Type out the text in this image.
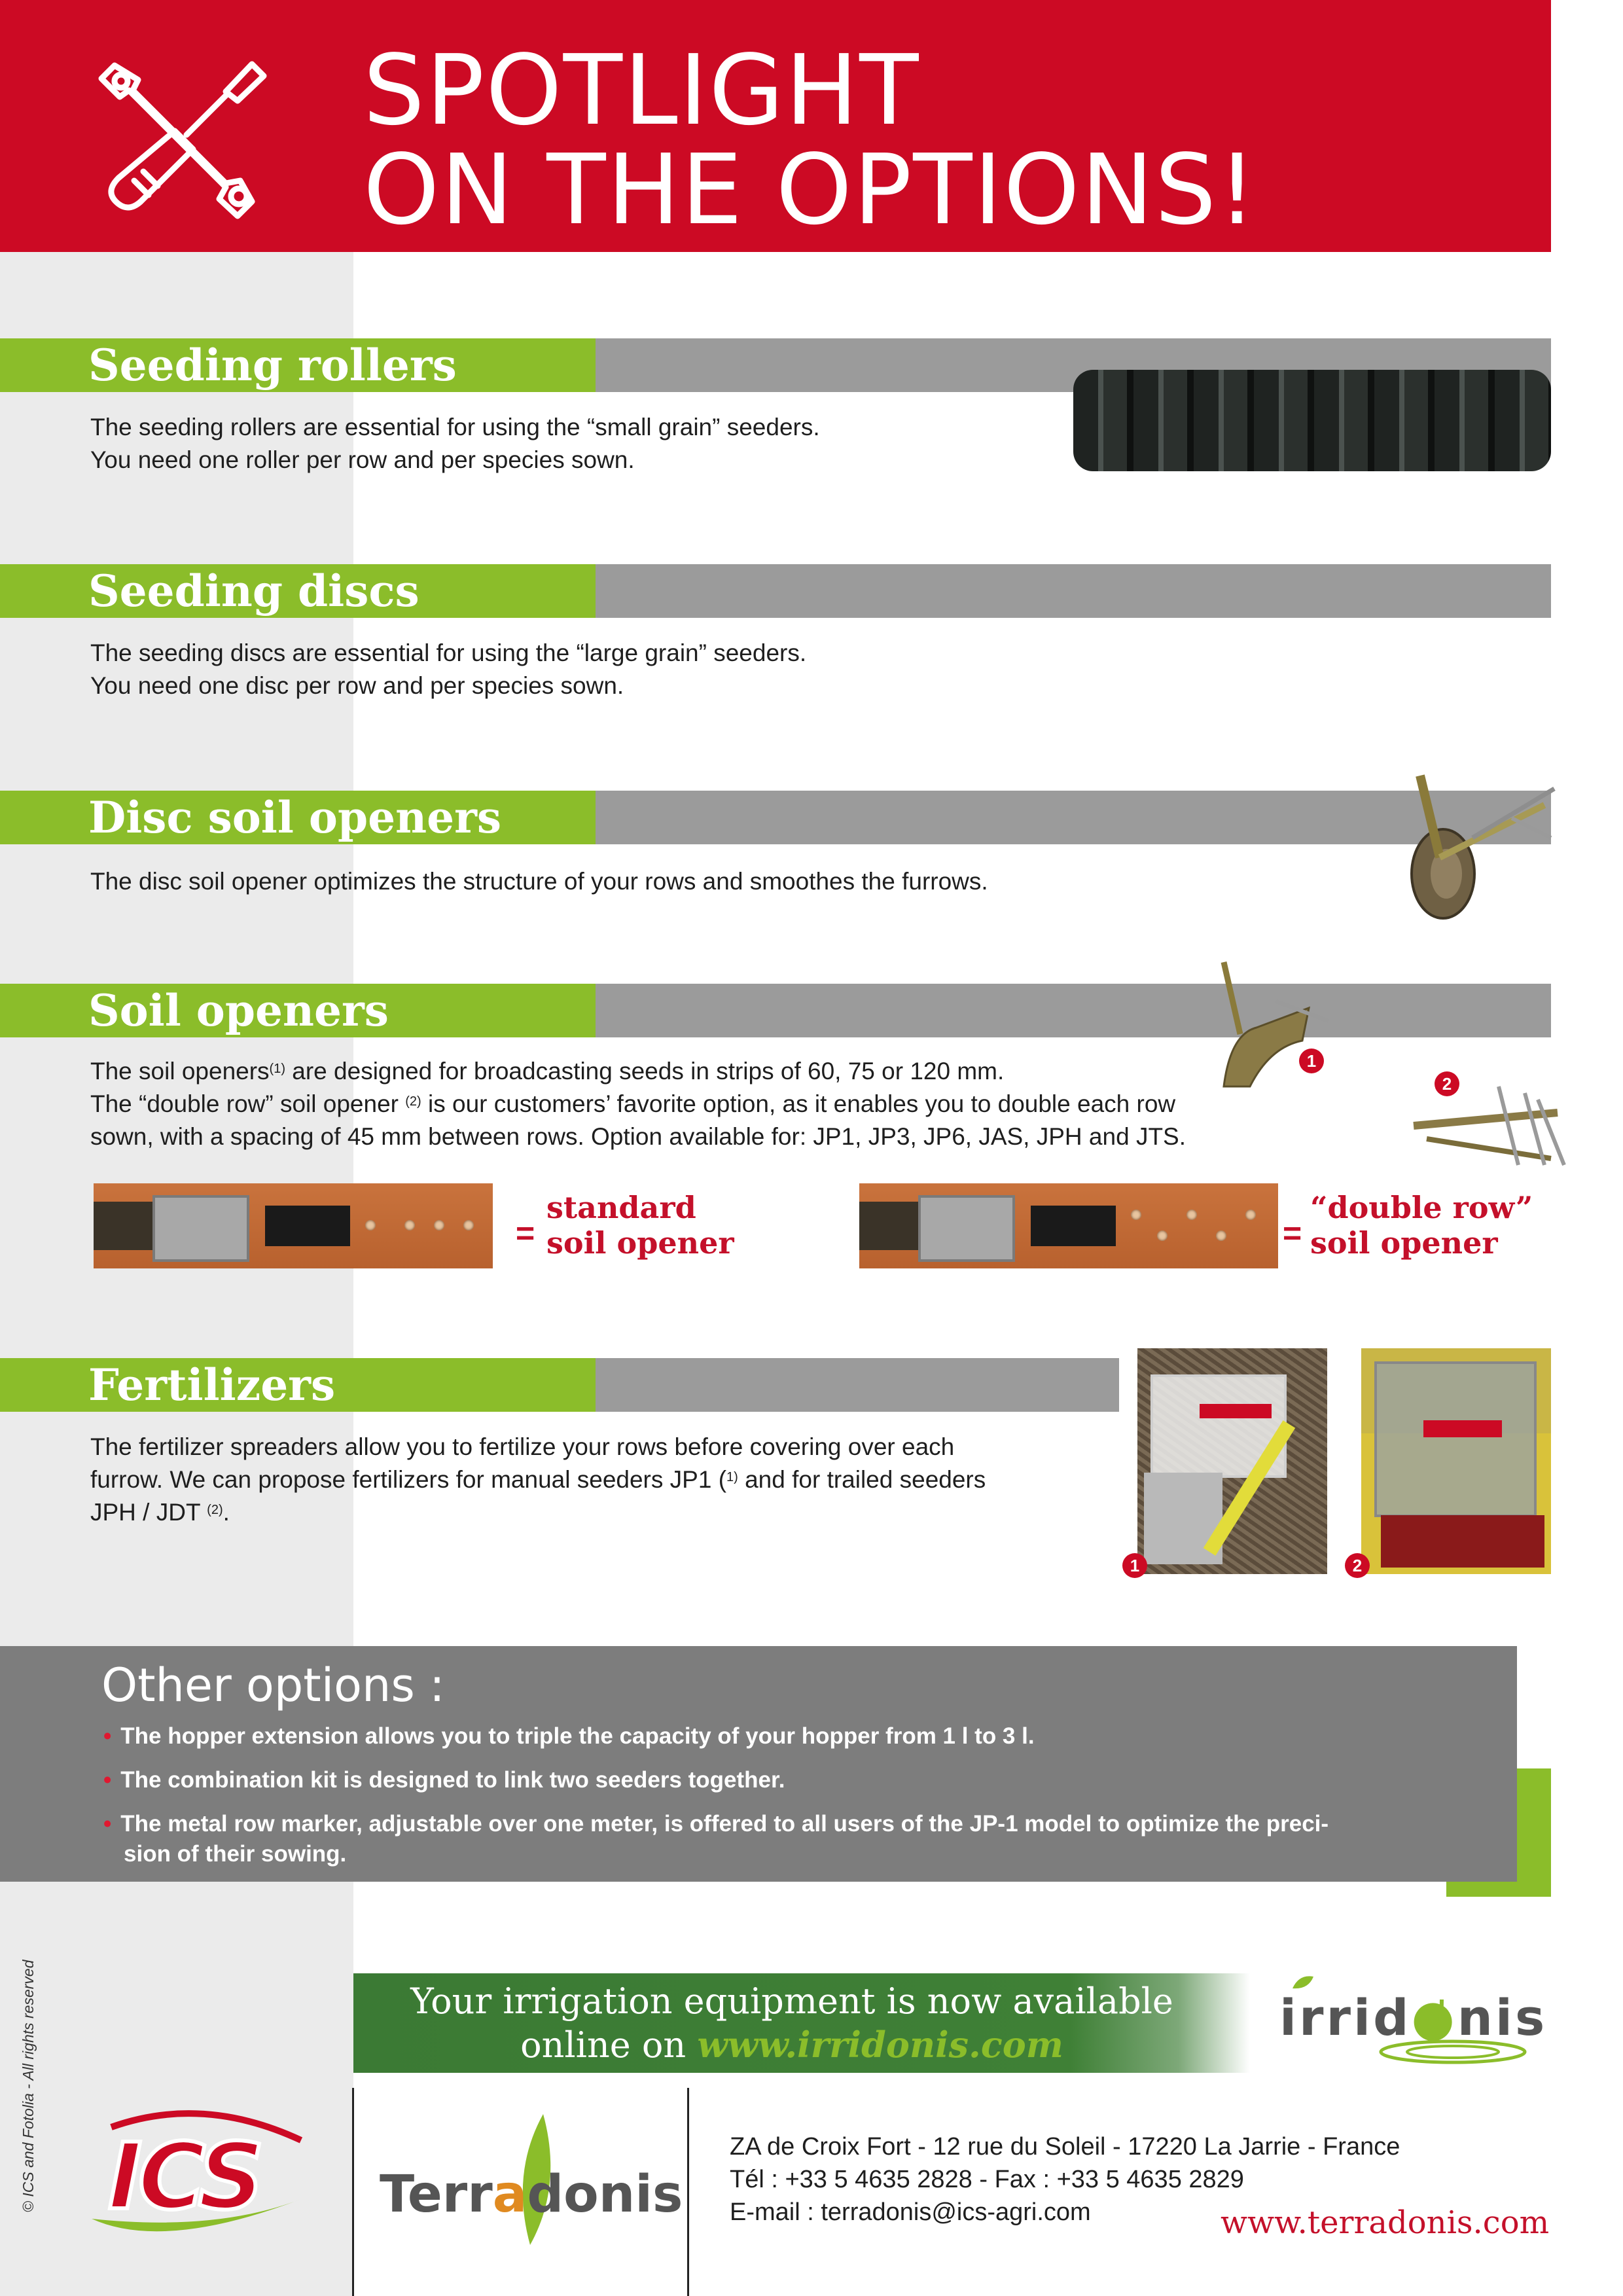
SPOTLIGHT
ON THE OPTIONS!
Seeding rollers
The seeding rollers are essential for using the “small grain” seeders.
You need one roller per row and per species sown.
Seeding discs
The seeding discs are essential for using the “large grain” seeders.
You need one disc per row and per species sown.
Disc soil openers
The disc soil opener optimizes the structure of your rows and smoothes the furrows.
Soil openers
The soil openers$^{(1)}$ are designed for broadcasting seeds in strips of 60, 75 or 120 mm.
The “double row” soil opener $^{(2)}$ is our customers’ favorite option, as it enables you to double each row
sown, with a spacing of 45 mm between rows. Option available for: JP1, JP3, JP6, JAS, JPH and JTS.
1
2
=
standard
soil opener	=
“double row”
soil opener
Fertilizers
The fertilizer spreaders allow you to fertilize your rows before covering over each
furrow. We can propose fertilizers for manual seeders JP1 ($^{1)}$ and for trailed seeders
JPH / JDT $^{(2)}$.
1	2
Other options :
• The hopper extension allows you to triple the capacity of your hopper from 1 l to 3 l.
• The combination kit is designed to link two seeders together.
• The metal row marker, adjustable over one meter, is offered to all users of the JP-1 model to optimize the preci-
sion of their sowing.
Your irrigation equipment is now available
online on www.irridonis.com	irrid●nis
© ICS and Fotolia - All rights reserved ICS Terradonis
ZA de Croix Fort - 12 rue du Soleil - 17220 La Jarrie - France
Tél : +33 5 4635 2828 - Fax : +33 5 4635 2829
E-mail : terradonis@ics-agri.com	www.terradonis.com
